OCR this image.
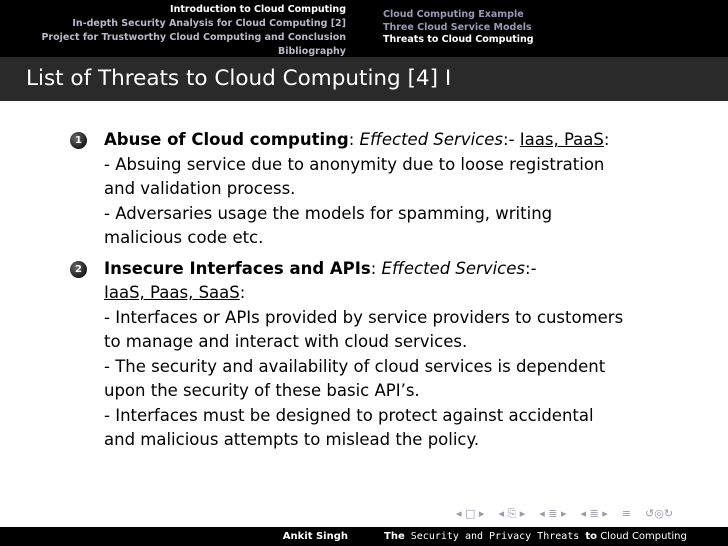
Introduction to Cloud Computing
In-depth Security Analysis for Cloud Computing [2]
Project for Trustworthy Cloud Computing and Conclusion
Bibliography
Cloud Computing Example
Three Cloud Service Models
Threats to Cloud Computing
List of Threats to Cloud Computing [4] I
1	Abuse of Cloud computing: Effected Services:- Iaas, PaaS:
- Absuing service due to anonymity due to loose registration
and validation process.
- Adversaries usage the models for spamming, writing
malicious code etc.
2	Insecure Interfaces and APIs: Effected Services:-
IaaS, Paas, SaaS:
- Interfaces or APIs provided by service providers to customers
to manage and interact with cloud services.
- The security and availability of cloud services is dependent
upon the security of these basic API’s.
- Interfaces must be designed to protect against accidental
and malicious attempts to mislead the policy.
◂ □ ▸ ◂ ⎘ ▸ ◂ ≣ ▸ ◂ ≣ ▸ ≡ ↺◎↻
Ankit Singh	The Security and Privacy Threats to Cloud Computing
